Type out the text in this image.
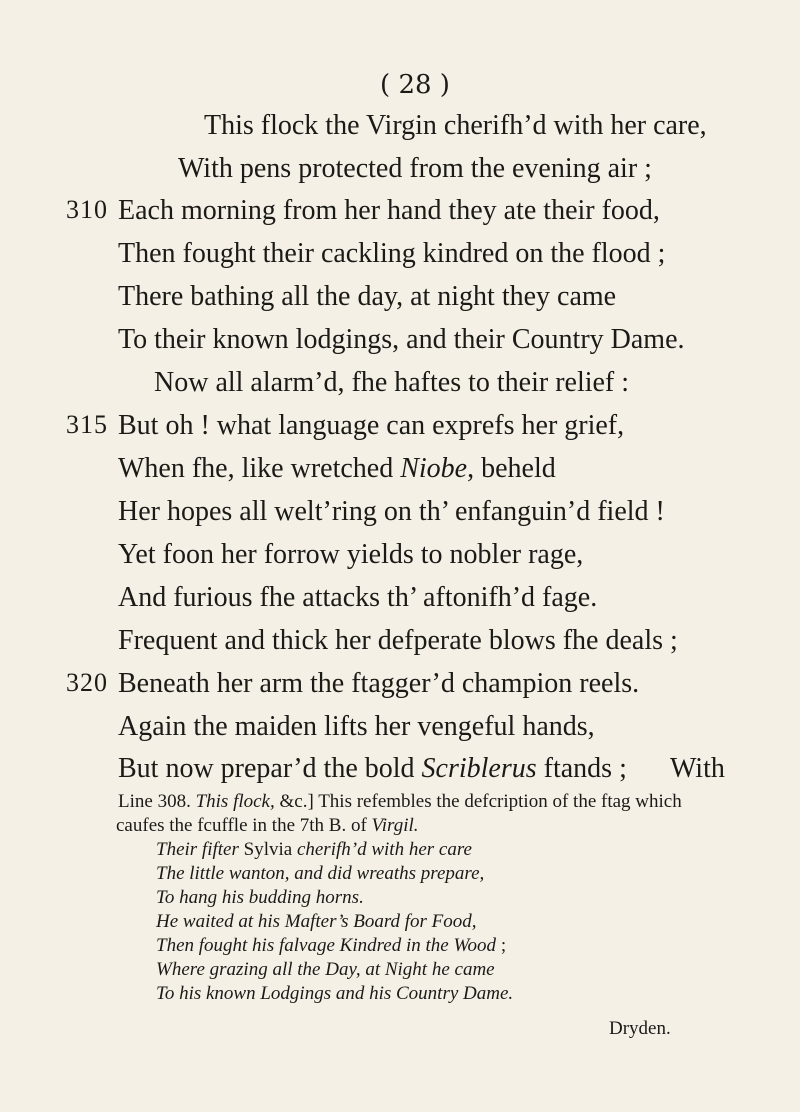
( 28 )
This flock the Virgin cherifh’d with her care,
With pens protected from the evening air ;
310 Each morning from her hand they ate their food,
Then fought their cackling kindred on the flood ;
There bathing all the day, at night they came
To their known lodgings, and their Country Dame.
Now all alarm’d, fhe haftes to their relief :
315 But oh ! what language can exprefs her grief,
When fhe, like wretched Niobe, beheld
Her hopes all welt’ring on th’ enfanguin’d field !
Yet foon her forrow yields to nobler rage,
And furious fhe attacks th’ aftonifh’d fage.
Frequent and thick her defperate blows fhe deals ;
320 Beneath her arm the ftagger’d champion reels.
Again the maiden lifts her vengeful hands,
But now prepar’d the bold Scriblerus ftands ; With
Line 308. This flock, &c.] This refembles the defcription of the ftag which
caufes the fcuffle in the 7th B. of Virgil.
Their fifter Sylvia cherifh’d with her care
The little wanton, and did wreaths prepare,
To hang his budding horns.
He waited at his Mafter’s Board for Food,
Then fought his falvage Kindred in the Wood ;
Where grazing all the Day, at Night he came
To his known Lodgings and his Country Dame.
Dryden.
